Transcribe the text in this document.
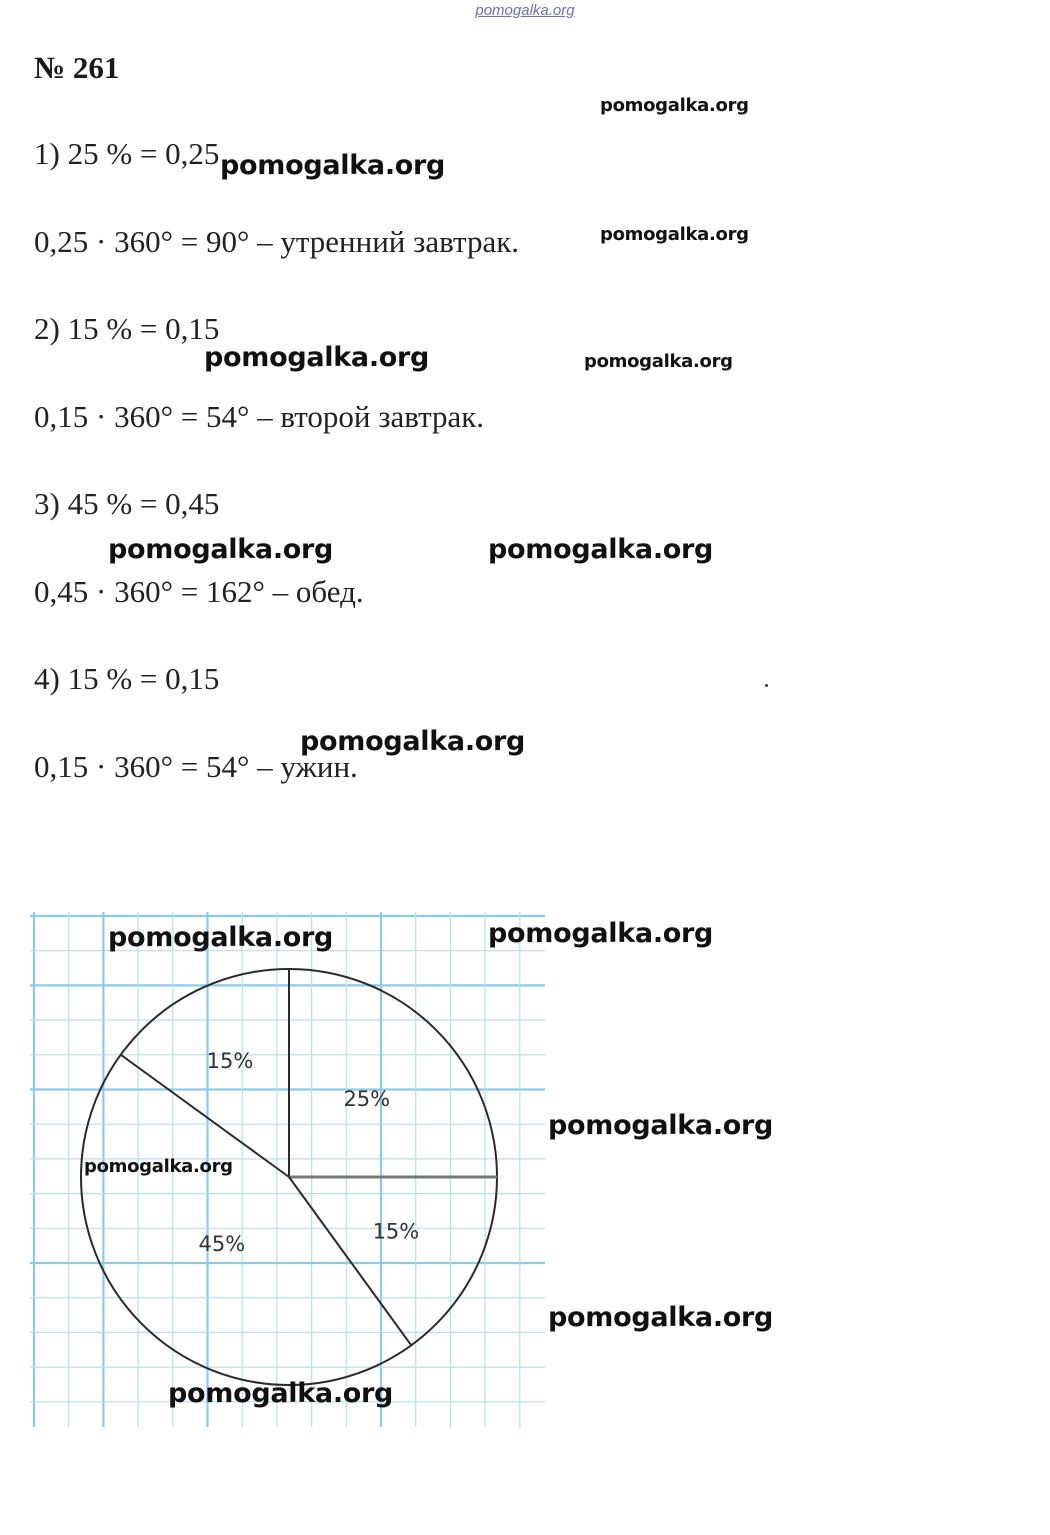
pomogalka.org
№ 261
1) 25 % = 0,25
0,25 · 360° = 90° – утренний завтрак.
2) 15 % = 0,15
0,15 · 360° = 54° – второй завтрак.
3) 45 % = 0,45
0,45 · 360° = 162° – обед.
4) 15 % = 0,15
0,15 · 360° = 54° – ужин.
25%
15%
45%
15%
pomogalka.org
pomogalka.org
pomogalka.org
pomogalka.org	pomogalka.org
pomogalka.org	pomogalka.org
pomogalka.org
pomogalka.org	pomogalka.org
pomogalka.org
pomogalka.org
pomogalka.org
pomogalka.org
